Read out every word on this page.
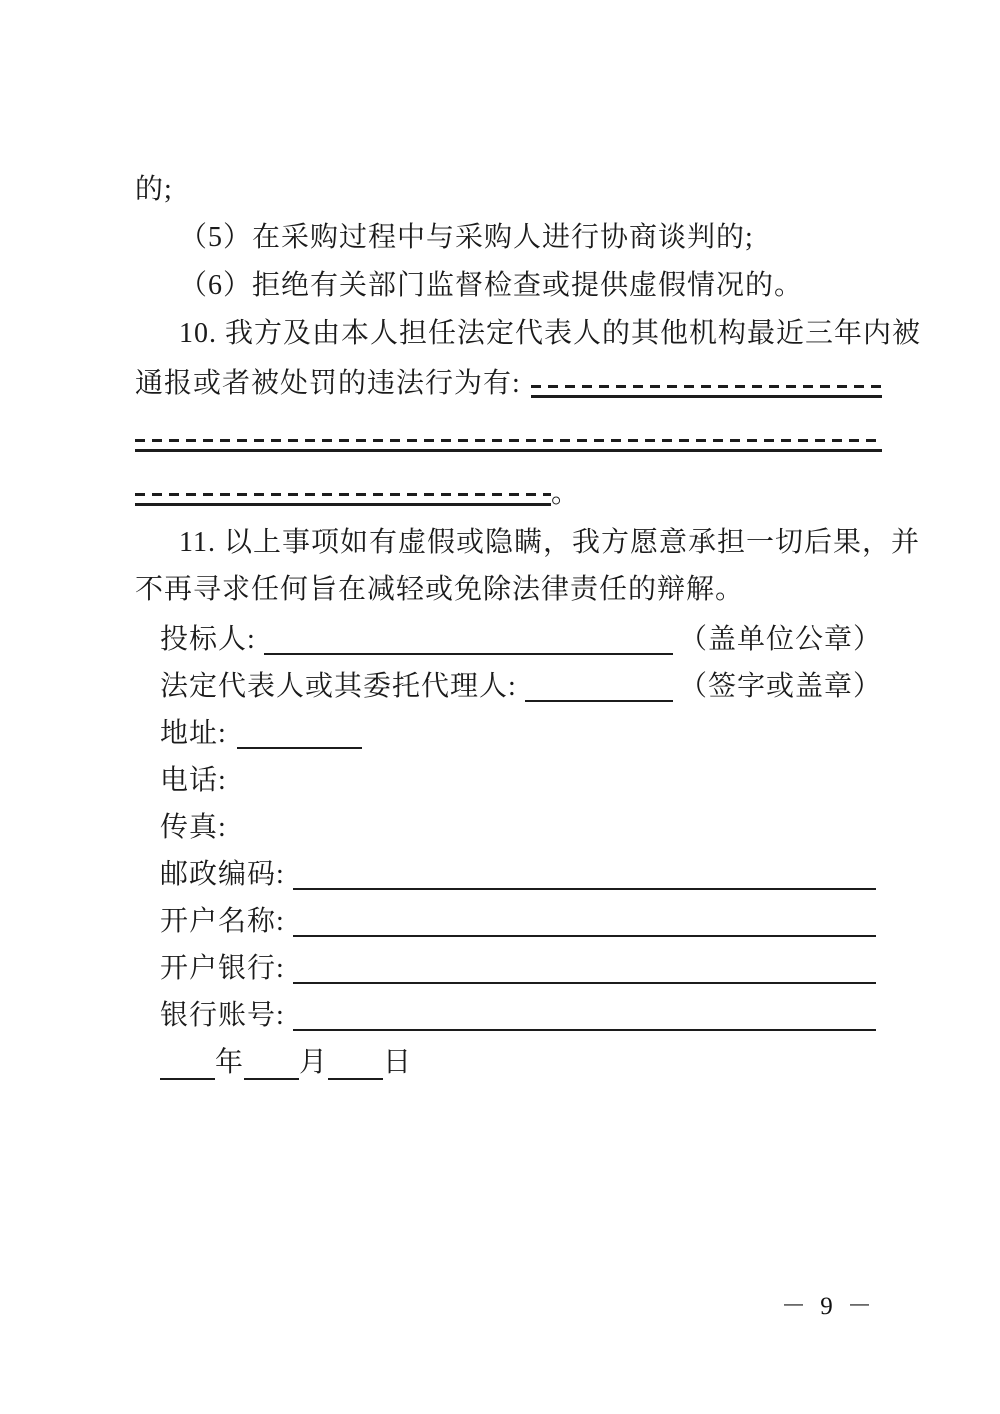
的;
（5）在采购过程中与采购人进行协商谈判的;
（6）拒绝有关部门监督检查或提供虚假情况的。
10. 我方及由本人担任法定代表人的其他机构最近三年内被
通报或者被处罚的违法行为有:
。
11. 以上事项如有虚假或隐瞒，我方愿意承担一切后果，并
不再寻求任何旨在减轻或免除法律责任的辩解。
投标人:	（盖单位公章）
法定代表人或其委托代理人:	（签字或盖章）
地址:
电话:
传真:
邮政编码:
开户名称:
开户银行:
银行账号:
年 月 日
－ 9 －
